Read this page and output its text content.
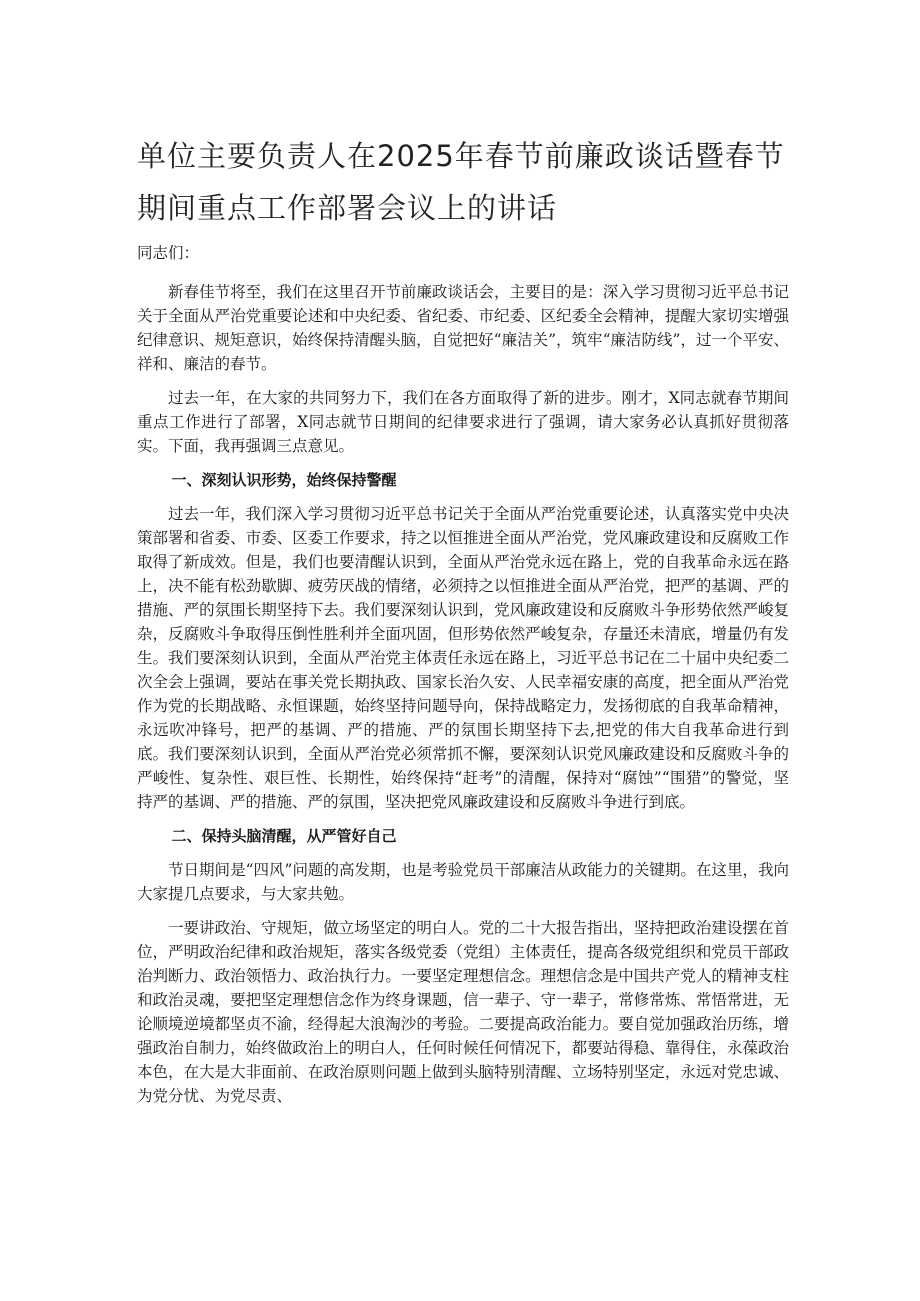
单位主要负责人在2025年春节前廉政谈话暨春节期间重点工作部署会议上的讲话
同志们：

新春佳节将至，我们在这里召开节前廉政谈话会，主要目的是：深入学习贯彻习近平总书记关于全面从严治党重要论述和中央纪委、省纪委、市纪委、区纪委全会精神，提醒大家切实增强纪律意识、规矩意识，始终保持清醒头脑，自觉把好“廉洁关”，筑牢“廉洁防线”，过一个平安、祥和、廉洁的春节。

过去一年，在大家的共同努力下，我们在各方面取得了新的进步。刚才，X同志就春节期间重点工作进行了部署，X同志就节日期间的纪律要求进行了强调，请大家务必认真抓好贯彻落实。下面，我再强调三点意见。

一、深刻认识形势，始终保持警醒

过去一年，我们深入学习贯彻习近平总书记关于全面从严治党重要论述，认真落实党中央决策部署和省委、市委、区委工作要求，持之以恒推进全面从严治党，党风廉政建设和反腐败工作取得了新成效。但是，我们也要清醒认识到，全面从严治党永远在路上，党的自我革命永远在路上，决不能有松劲歇脚、疲劳厌战的情绪，必须持之以恒推进全面从严治党，把严的基调、严的措施、严的氛围长期坚持下去。我们要深刻认识到，党风廉政建设和反腐败斗争形势依然严峻复杂，反腐败斗争取得压倒性胜利并全面巩固，但形势依然严峻复杂，存量还未清底，增量仍有发生。我们要深刻认识到，全面从严治党主体责任永远在路上，习近平总书记在二十届中央纪委二次全会上强调，要站在事关党长期执政、国家长治久安、人民幸福安康的高度，把全面从严治党作为党的长期战略、永恒课题，始终坚持问题导向，保持战略定力，发扬彻底的自我革命精神，永远吹冲锋号，把严的基调、严的措施、严的氛围长期坚持下去,把党的伟大自我革命进行到底。我们要深刻认识到，全面从严治党必须常抓不懈，要深刻认识党风廉政建设和反腐败斗争的严峻性、复杂性、艰巨性、长期性，始终保持“赶考”的清醒，保持对“腐蚀”“围猎”的警觉，坚持严的基调、严的措施、严的氛围，坚决把党风廉政建设和反腐败斗争进行到底。

二、保持头脑清醒，从严管好自己

节日期间是“四风”问题的高发期，也是考验党员干部廉洁从政能力的关键期。在这里，我向大家提几点要求，与大家共勉。

一要讲政治、守规矩，做立场坚定的明白人。党的二十大报告指出，坚持把政治建设摆在首位，严明政治纪律和政治规矩，落实各级党委（党组）主体责任，提高各级党组织和党员干部政治判断力、政治领悟力、政治执行力。一要坚定理想信念。理想信念是中国共产党人的精神支柱和政治灵魂，要把坚定理想信念作为终身课题，信一辈子、守一辈子，常修常炼、常悟常进，无论顺境逆境都坚贞不渝，经得起大浪淘沙的考验。二要提高政治能力。要自觉加强政治历练，增强政治自制力，始终做政治上的明白人，任何时候任何情况下，都要站得稳、靠得住，永葆政治本色，在大是大非面前、在政治原则问题上做到头脑特别清醒、立场特别坚定，永远对党忠诚、为党分忧、为党尽责、
